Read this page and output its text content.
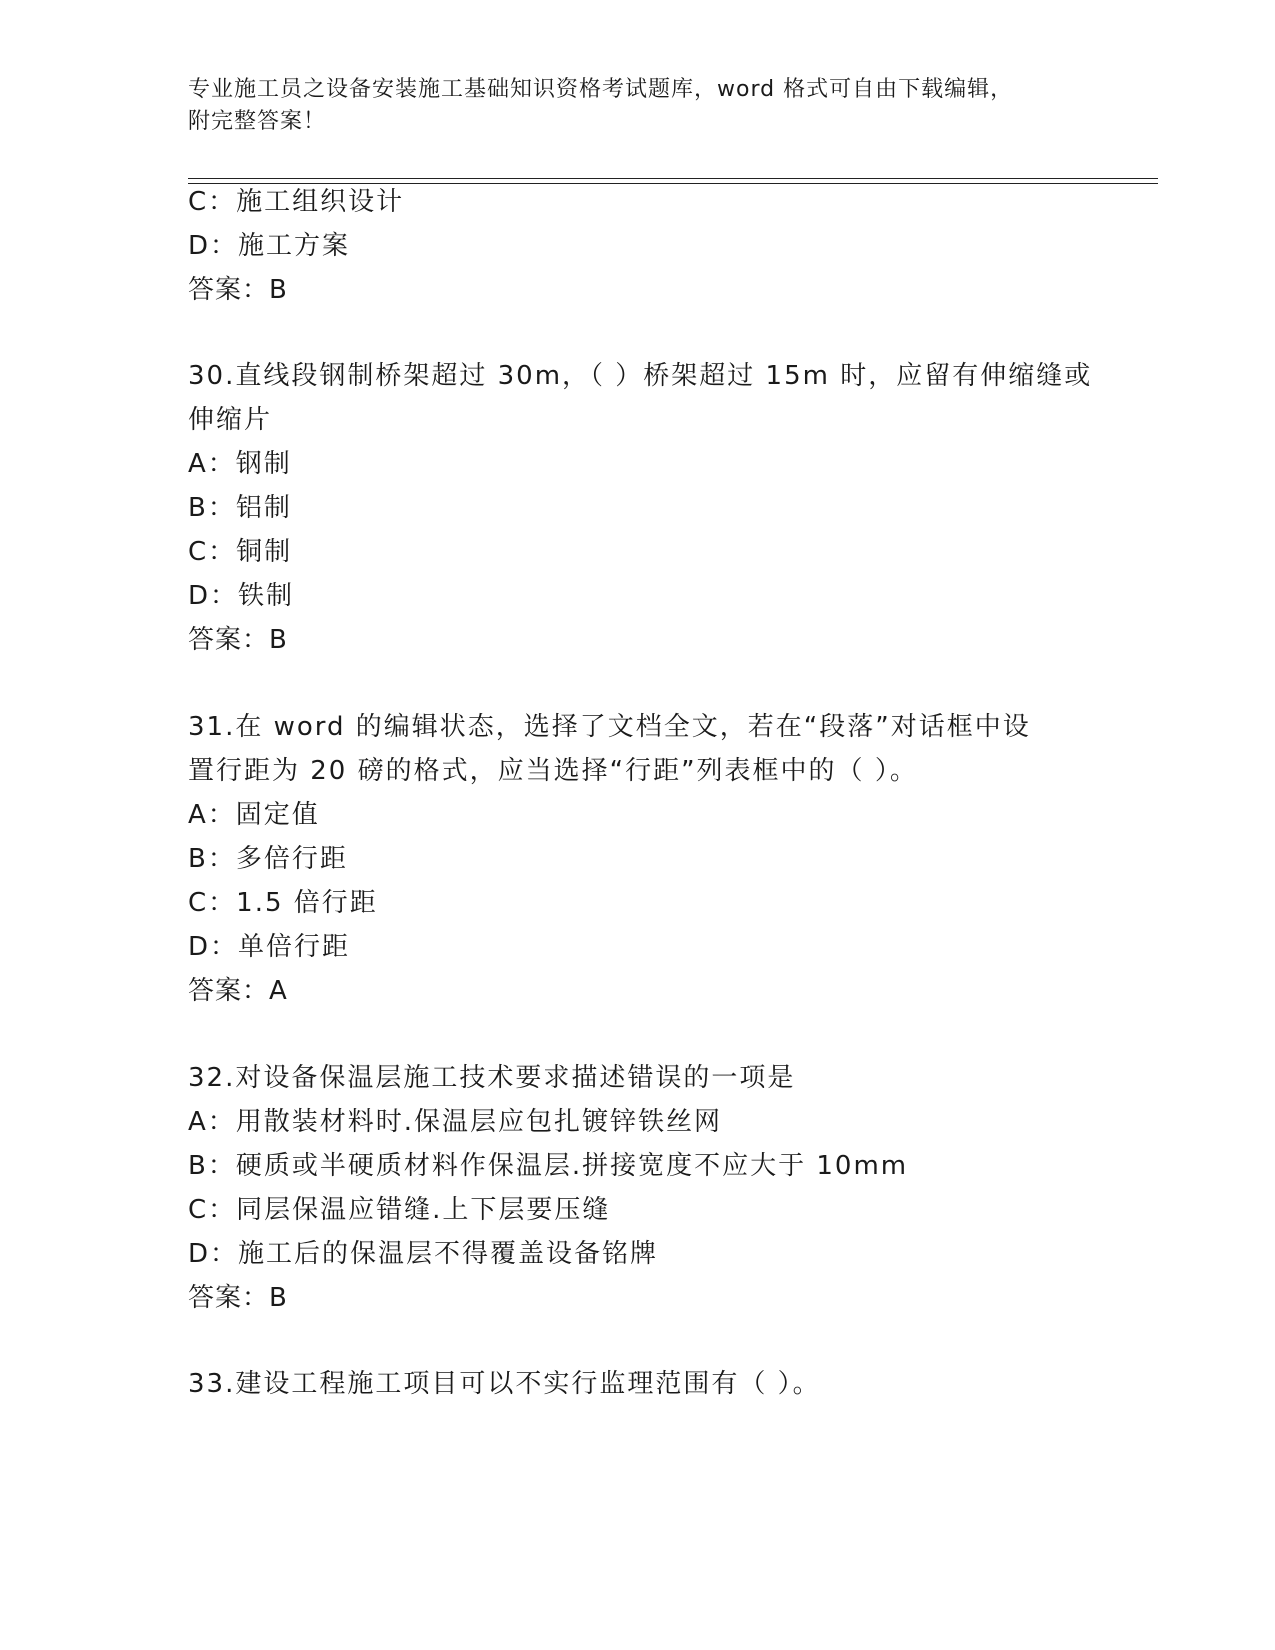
专业施工员之设备安装施工基础知识资格考试题库，word 格式可自由下载编辑，
附完整答案！
C：施工组织设计
D：施工方案
答案：B
30.直线段钢制桥架超过 30m，（ ）桥架超过 15m 时，应留有伸缩缝或
伸缩片
A：钢制
B：铝制
C：铜制
D：铁制
答案：B
31.在 word 的编辑状态，选择了文档全文，若在“段落”对话框中设
置行距为 20 磅的格式，应当选择“行距”列表框中的（ ）。
A：固定值
B：多倍行距
C：1.5 倍行距
D：单倍行距
答案：A
32.对设备保温层施工技术要求描述错误的一项是
A：用散装材料时.保温层应包扎镀锌铁丝网
B：硬质或半硬质材料作保温层.拼接宽度不应大于 10mm
C：同层保温应错缝.上下层要压缝
D：施工后的保温层不得覆盖设备铭牌
答案：B
33.建设工程施工项目可以不实行监理范围有（ ）。
